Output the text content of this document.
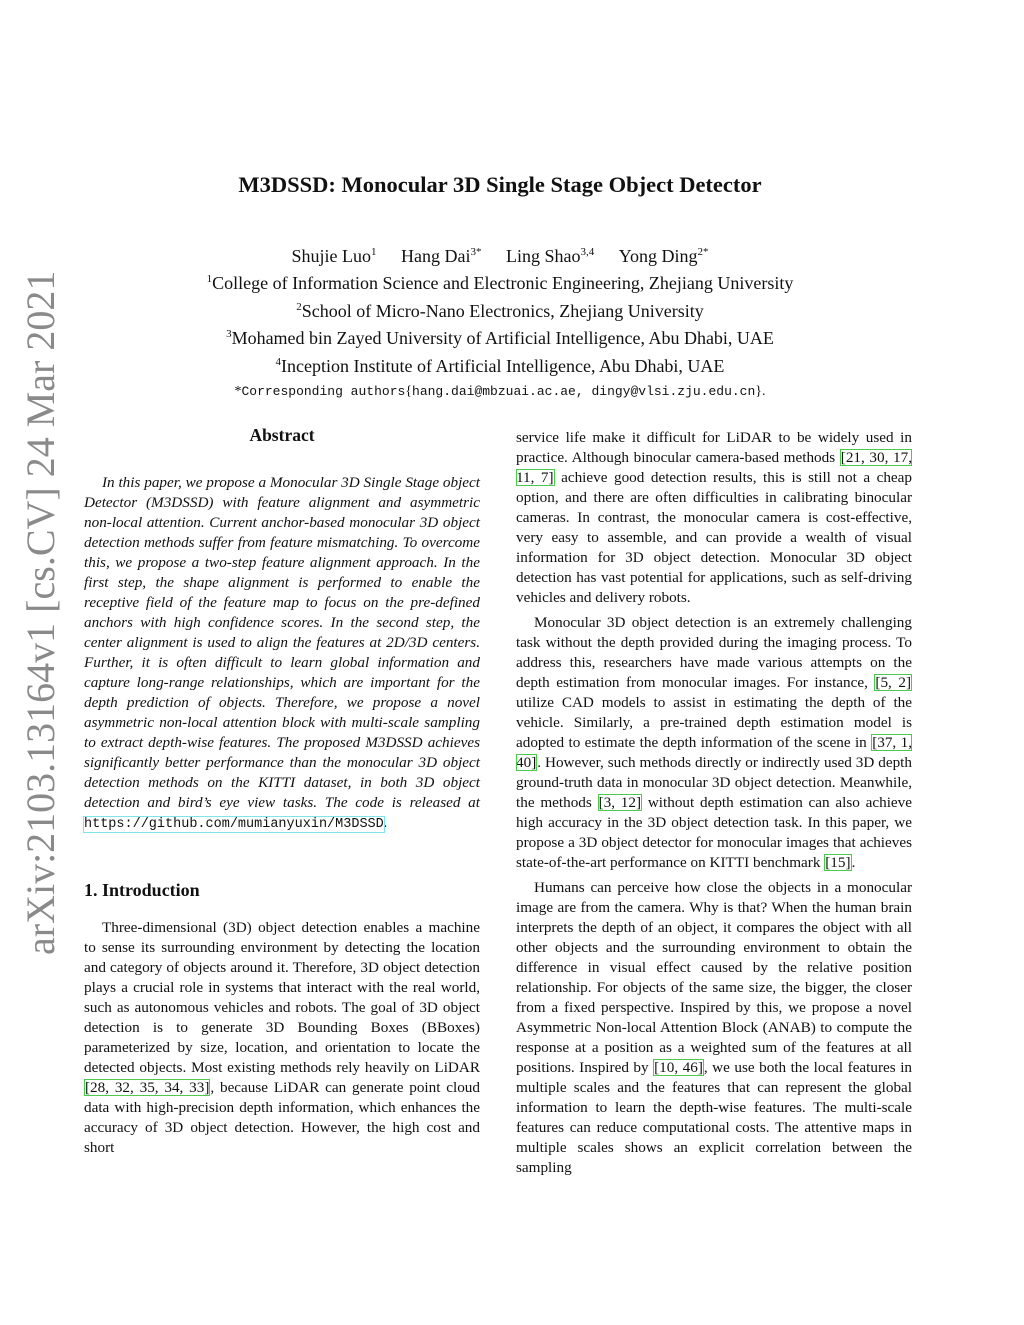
arXiv:2103.13164v1 [cs.CV] 24 Mar 2021
M3DSSD: Monocular 3D Single Stage Object Detector
Shujie Luo$^1$ Hang Dai$^{3*}$ Ling Shao$^{3,4}$ Yong Ding$^{2*}$
$^1$College of Information Science and Electronic Engineering, Zhejiang University
$^2$School of Micro-Nano Electronics, Zhejiang University
$^3$Mohamed bin Zayed University of Artificial Intelligence, Abu Dhabi, UAE
$^4$Inception Institute of Artificial Intelligence, Abu Dhabi, UAE
*Corresponding authors{hang.dai@mbzuai.ac.ae, dingy@vlsi.zju.edu.cn}.
Abstract

In this paper, we propose a Monocular 3D Single Stage object Detector (M3DSSD) with feature alignment and asymmetric non-local attention. Current anchor-based monocular 3D object detection methods suffer from feature mismatching. To overcome this, we propose a two-step feature alignment approach. In the first step, the shape alignment is performed to enable the receptive field of the feature map to focus on the pre-defined anchors with high confidence scores. In the second step, the center alignment is used to align the features at 2D/3D centers. Further, it is often difficult to learn global information and capture long-range relationships, which are important for the depth prediction of objects. Therefore, we propose a novel asymmetric non-local attention block with multi-scale sampling to extract depth-wise features. The proposed M3DSSD achieves significantly better performance than the monocular 3D object detection methods on the KITTI dataset, in both 3D object detection and bird’s eye view tasks. The code is released at https://github.com/mumianyuxin/M3DSSD.

1. Introduction

Three-dimensional (3D) object detection enables a machine to sense its surrounding environment by detecting the location and category of objects around it. Therefore, 3D object detection plays a crucial role in systems that interact with the real world, such as autonomous vehicles and robots. The goal of 3D object detection is to generate 3D Bounding Boxes (BBoxes) parameterized by size, location, and orientation to locate the detected objects. Most existing methods rely heavily on LiDAR [28, 32, 35, 34, 33], because LiDAR can generate point cloud data with high-precision depth information, which enhances the accuracy of 3D object detection. However, the high cost and short

service life make it difficult for LiDAR to be widely used in practice. Although binocular camera-based methods [21, 30, 17, 11, 7] achieve good detection results, this is still not a cheap option, and there are often difficulties in calibrating binocular cameras. In contrast, the monocular camera is cost-effective, very easy to assemble, and can provide a wealth of visual information for 3D object detection. Monocular 3D object detection has vast potential for applications, such as self-driving vehicles and delivery robots.

Monocular 3D object detection is an extremely challenging task without the depth provided during the imaging process. To address this, researchers have made various attempts on the depth estimation from monocular images. For instance, [5, 2] utilize CAD models to assist in estimating the depth of the vehicle. Similarly, a pre-trained depth estimation model is adopted to estimate the depth information of the scene in [37, 1, 40]. However, such methods directly or indirectly used 3D depth ground-truth data in monocular 3D object detection. Meanwhile, the methods [3, 12] without depth estimation can also achieve high accuracy in the 3D object detection task. In this paper, we propose a 3D object detector for monocular images that achieves state-of-the-art performance on KITTI benchmark [15].

Humans can perceive how close the objects in a monocular image are from the camera. Why is that? When the human brain interprets the depth of an object, it compares the object with all other objects and the surrounding environment to obtain the difference in visual effect caused by the relative position relationship. For objects of the same size, the bigger, the closer from a fixed perspective. Inspired by this, we propose a novel Asymmetric Non-local Attention Block (ANAB) to compute the response at a position as a weighted sum of the features at all positions. Inspired by [10, 46], we use both the local features in multiple scales and the features that can represent the global information to learn the depth-wise features. The multi-scale features can reduce computational costs. The attentive maps in multiple scales shows an explicit correlation between the sampling
